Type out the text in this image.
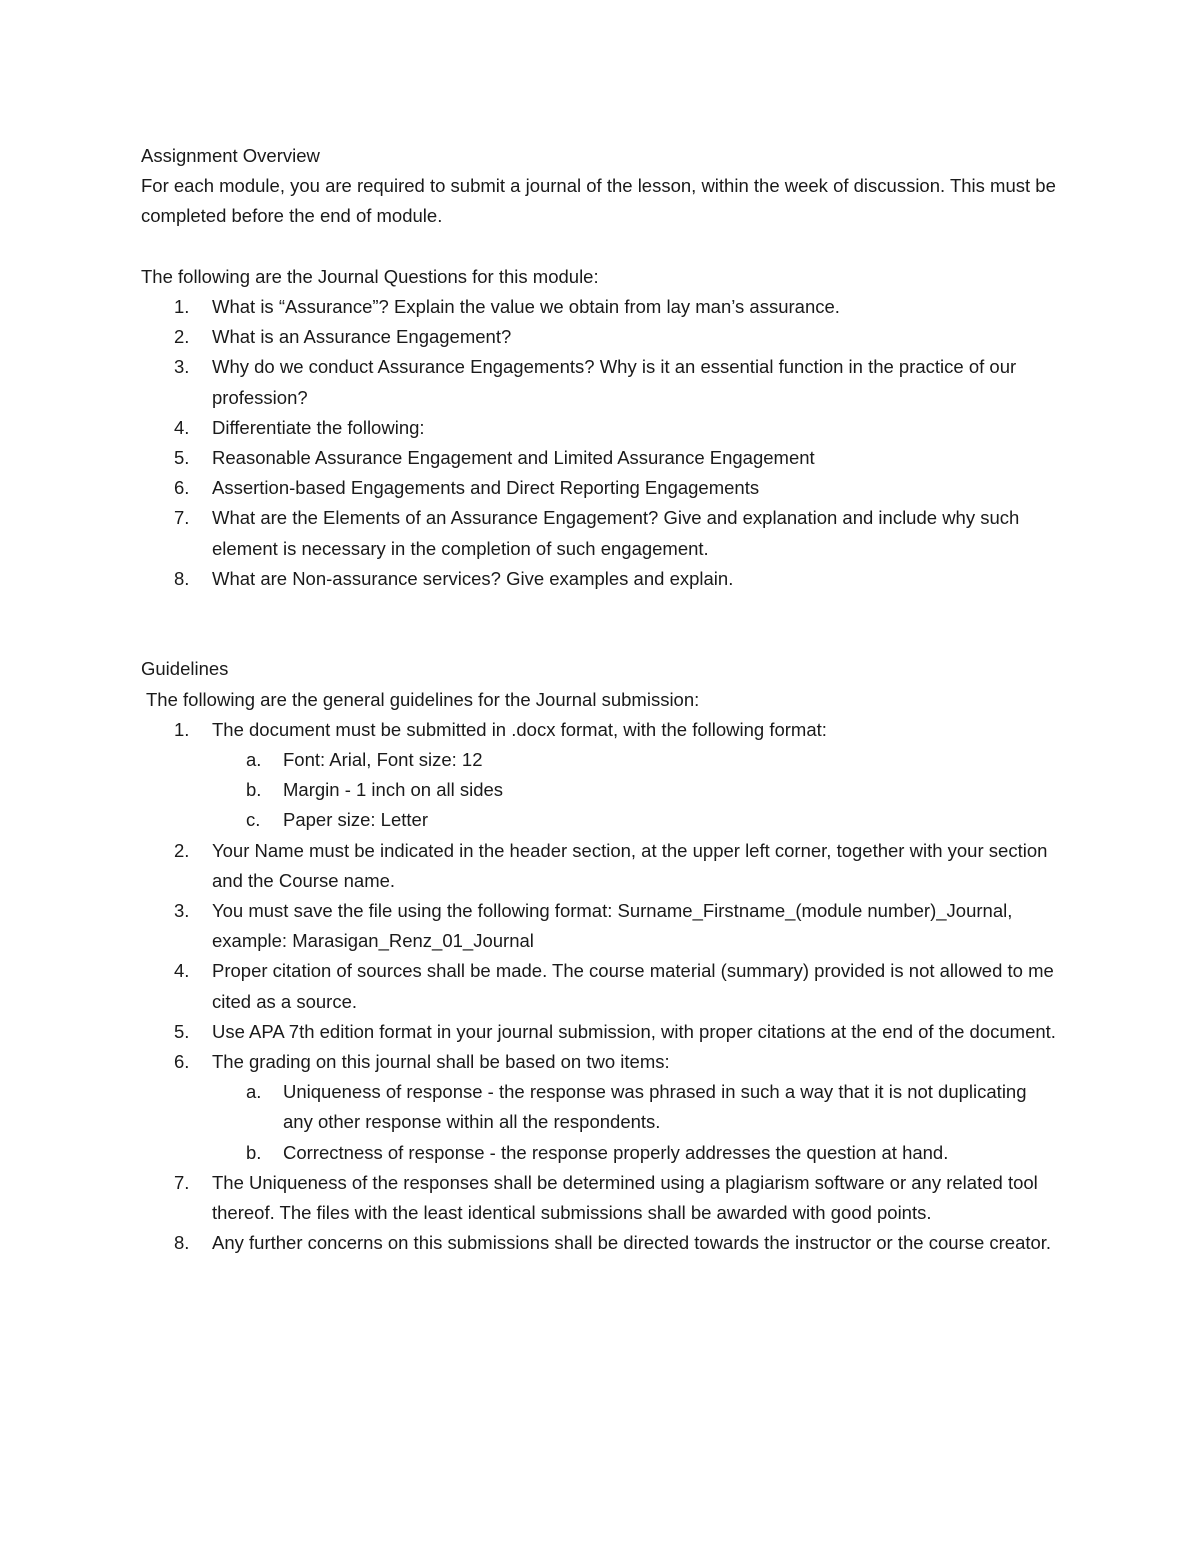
Assignment Overview

For each module, you are required to submit a journal of the lesson, within the week of discussion. This must be completed before the end of module.

The following are the Journal Questions for this module:

1. What is “Assurance”? Explain the value we obtain from lay man’s assurance.
2. What is an Assurance Engagement?
3. Why do we conduct Assurance Engagements? Why is it an essential function in the practice of our profession?
4. Differentiate the following:
5. Reasonable Assurance Engagement and Limited Assurance Engagement
6. Assertion-based Engagements and Direct Reporting Engagements
7. What are the Elements of an Assurance Engagement? Give and explanation and include why such element is necessary in the completion of such engagement.
8. What are Non-assurance services? Give examples and explain.

Guidelines

The following are the general guidelines for the Journal submission:

1. The document must be submitted in .docx format, with the following format:
a. Font: Arial, Font size: 12
b. Margin - 1 inch on all sides
c. Paper size: Letter
2. Your Name must be indicated in the header section, at the upper left corner, together with your section and the Course name.
3. You must save the file using the following format: Surname_Firstname_(module number)_Journal, example: Marasigan_Renz_01_Journal
4. Proper citation of sources shall be made. The course material (summary) provided is not allowed to me cited as a source.
5. Use APA 7th edition format in your journal submission, with proper citations at the end of the document.
6. The grading on this journal shall be based on two items:
a. Uniqueness of response - the response was phrased in such a way that it is not duplicating any other response within all the respondents.
b. Correctness of response - the response properly addresses the question at hand.
7. The Uniqueness of the responses shall be determined using a plagiarism software or any related tool thereof. The files with the least identical submissions shall be awarded with good points.
8. Any further concerns on this submissions shall be directed towards the instructor or the course creator.
